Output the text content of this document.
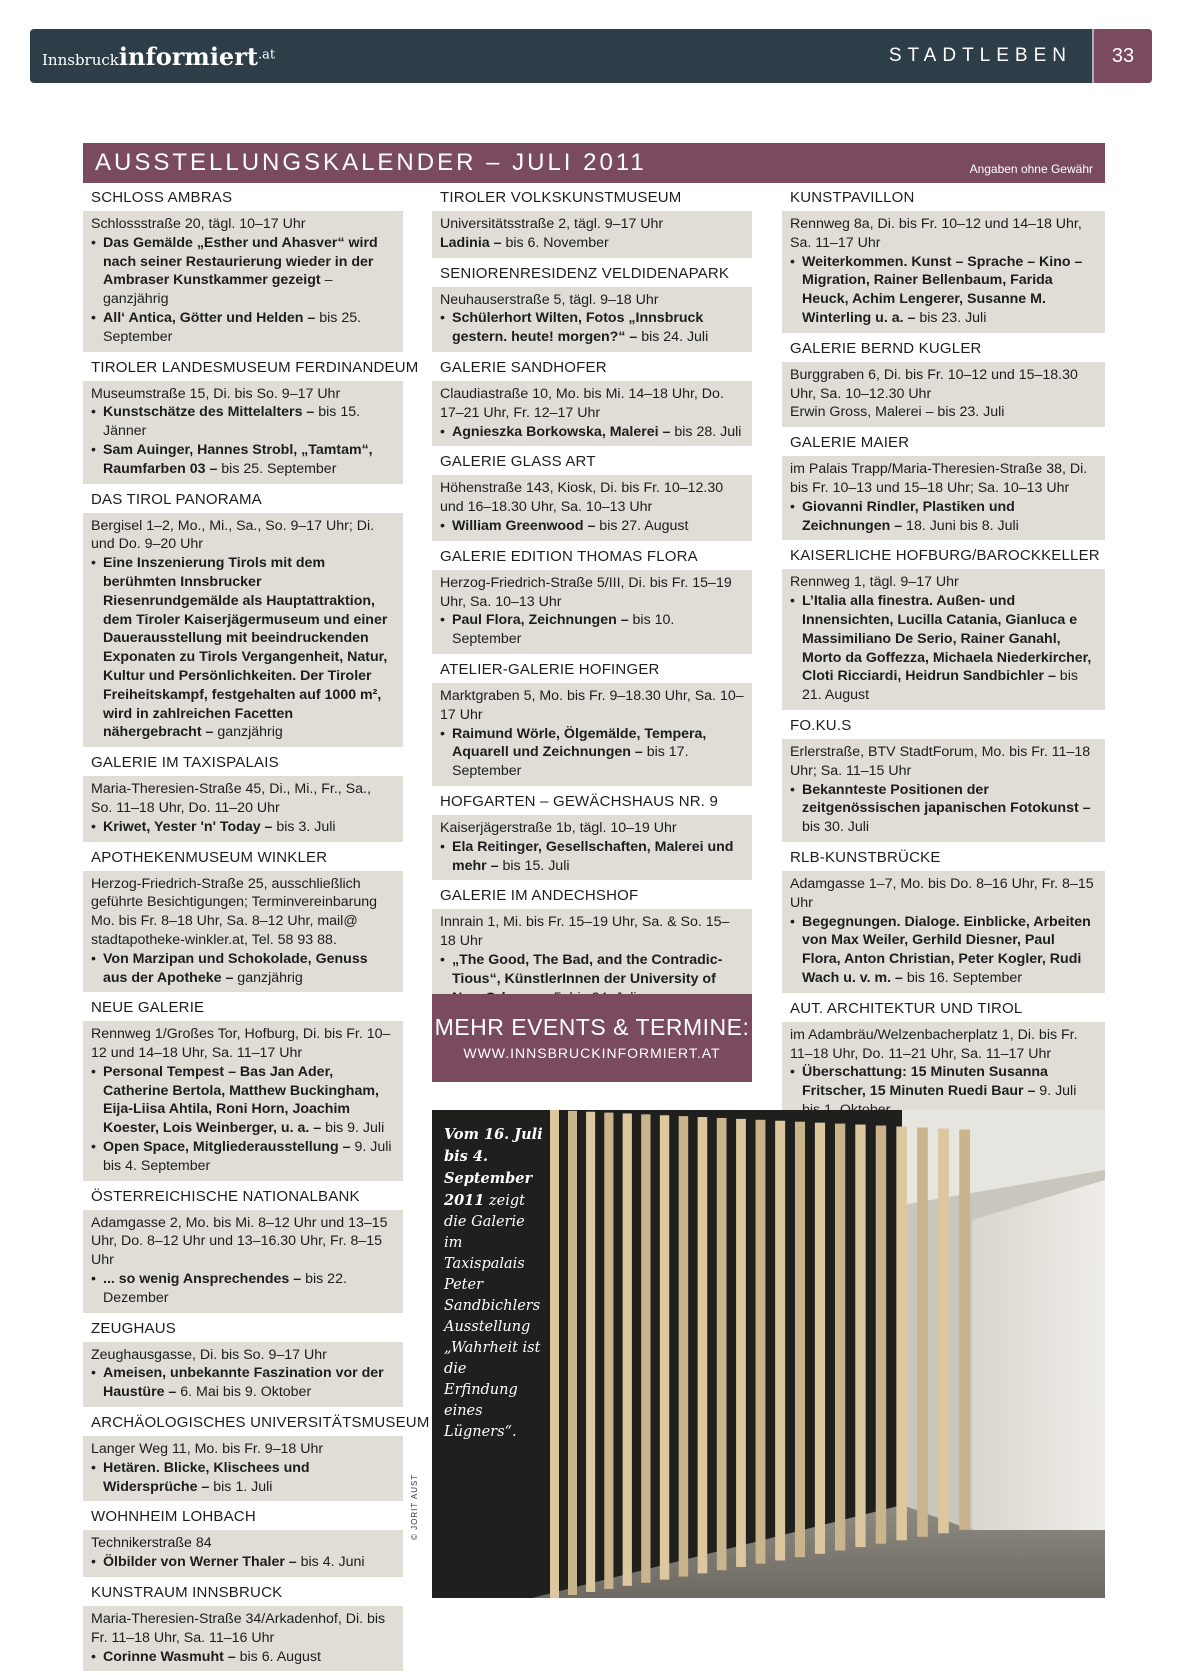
Innsbruckinformiert$^{.at}$	STADTLEBEN	33
AUSSTELLUNGSKALENDER – JULI 2011	Angaben ohne Gewähr
SCHLOSS AMBRAS
Schlossstraße 20, tägl. 10–17 Uhr
• Das Gemälde „Esther und Ahasver“ wird nach seiner Restaurierung wieder in der Ambraser Kunstkammer gezeigt – ganzjährig
• All‘ Antica, Götter und Helden – bis 25. September
TIROLER LANDESMUSEUM FERDINANDEUM
Museumstraße 15, Di. bis So. 9–17 Uhr
• Kunstschätze des Mittelalters – bis 15. Jänner
• Sam Auinger, Hannes Strobl, „Tamtam“, Raumfarben 03 – bis 25. September
DAS TIROL PANORAMA
Bergisel 1–2, Mo., Mi., Sa., So. 9–17 Uhr; Di. und Do. 9–20 Uhr
• Eine Inszenierung Tirols mit dem berühmten Innsbrucker Riesenrundgemälde als Hauptattraktion, dem Tiroler Kaiserjägermuseum und einer Dauerausstellung mit beeindruckenden Exponaten zu Tirols Vergangenheit, Natur, Kultur und Persönlichkeiten. Der Tiroler Freiheitskampf, festgehalten auf 1000 m², wird in zahlreichen Facetten nähergebracht – ganzjährig
GALERIE IM TAXISPALAIS
Maria-Theresien-Straße 45, Di., Mi., Fr., Sa., So. 11–18 Uhr, Do. 11–20 Uhr
• Kriwet, Yester 'n' Today – bis 3. Juli
APOTHEKENMUSEUM WINKLER
Herzog-Friedrich-Straße 25, ausschließlich geführte Besichtigungen; Terminvereinbarung Mo. bis Fr. 8–18 Uhr, Sa. 8–12 Uhr, mail@ stadtapotheke-winkler.at, Tel. 58 93 88.
• Von Marzipan und Schokolade, Genuss aus der Apotheke – ganzjährig
NEUE GALERIE
Rennweg 1/Großes Tor, Hofburg, Di. bis Fr. 10–12 und 14–18 Uhr, Sa. 11–17 Uhr
• Personal Tempest – Bas Jan Ader, Catherine Bertola, Matthew Buckingham, Eija-Liisa Ahtila, Roni Horn, Joachim Koester, Lois Weinberger, u. a. – bis 9. Juli
• Open Space, Mitgliederausstellung – 9. Juli bis 4. September
ÖSTERREICHISCHE NATIONALBANK
Adamgasse 2, Mo. bis Mi. 8–12 Uhr und 13–15 Uhr, Do. 8–12 Uhr und 13–16.30 Uhr, Fr. 8–15 Uhr
• ... so wenig Ansprechendes – bis 22. Dezember
ZEUGHAUS
Zeughausgasse, Di. bis So. 9–17 Uhr
• Ameisen, unbekannte Faszination vor der Haustüre – 6. Mai bis 9. Oktober
ARCHÄOLOGISCHES UNIVERSITÄTSMUSEUM
Langer Weg 11, Mo. bis Fr. 9–18 Uhr
• Hetären. Blicke, Klischees und Widersprüche – bis 1. Juli
WOHNHEIM LOHBACH
Technikerstraße 84
• Ölbilder von Werner Thaler – bis 4. Juni
KUNSTRAUM INNSBRUCK
Maria-Theresien-Straße 34/Arkadenhof, Di. bis Fr. 11–18 Uhr, Sa. 11–16 Uhr
• Corinne Wasmuht – bis 6. August
TIROLER VOLKSKUNSTMUSEUM
Universitätsstraße 2, tägl. 9–17 Uhr
Ladinia – bis 6. November
SENIORENRESIDENZ VELDIDENAPARK
Neuhauserstraße 5, tägl. 9–18 Uhr
• Schülerhort Wilten, Fotos „Innsbruck gestern. heute! morgen?“ – bis 24. Juli
GALERIE SANDHOFER
Claudiastraße 10, Mo. bis Mi. 14–18 Uhr, Do. 17–21 Uhr, Fr. 12–17 Uhr
• Agnieszka Borkowska, Malerei – bis 28. Juli
GALERIE GLASS ART
Höhenstraße 143, Kiosk, Di. bis Fr. 10–12.30 und 16–18.30 Uhr, Sa. 10–13 Uhr
• William Greenwood – bis 27. August
GALERIE EDITION THOMAS FLORA
Herzog-Friedrich-Straße 5/III, Di. bis Fr. 15–19 Uhr, Sa. 10–13 Uhr
• Paul Flora, Zeichnungen – bis 10. September
ATELIER-GALERIE HOFINGER
Marktgraben 5, Mo. bis Fr. 9–18.30 Uhr, Sa. 10–17 Uhr
• Raimund Wörle, Ölgemälde, Tempera, Aquarell und Zeichnungen – bis 17. September
HOFGARTEN – GEWÄCHSHAUS NR. 9
Kaiserjägerstraße 1b, tägl. 10–19 Uhr
• Ela Reitinger, Gesellschaften, Malerei und mehr – bis 15. Juli
GALERIE IM ANDECHSHOF
Innrain 1, Mi. bis Fr. 15–19 Uhr, Sa. & So. 15–18 Uhr
• „The Good, The Bad, and the Contradic-Tious“, KünstlerInnen der University of
KUNSTPAVILLON
Rennweg 8a, Di. bis Fr. 10–12 und 14–18 Uhr, Sa. 11–17 Uhr
• Weiterkommen. Kunst – Sprache – Kino – Migration, Rainer Bellenbaum, Farida Heuck, Achim Lengerer, Susanne M. Winterling u. a. – bis 23. Juli
GALERIE BERND KUGLER
Burggraben 6, Di. bis Fr. 10–12 und 15–18.30 Uhr, Sa. 10–12.30 Uhr
Erwin Gross, Malerei – bis 23. Juli
GALERIE MAIER
im Palais Trapp/Maria-Theresien-Straße 38, Di. bis Fr. 10–13 und 15–18 Uhr; Sa. 10–13 Uhr
• Giovanni Rindler, Plastiken und Zeichnungen – 18. Juni bis 8. Juli
KAISERLICHE HOFBURG/BAROCKKELLER
Rennweg 1, tägl. 9–17 Uhr
• L’Italia alla finestra. Außen- und Innensichten, Lucilla Catania, Gianluca e Massimiliano De Serio, Rainer Ganahl, Morto da Goffezza, Michaela Niederkircher, Cloti Ricciardi, Heidrun Sandbichler – bis 21. August
FO.KU.S
Erlerstraße, BTV StadtForum, Mo. bis Fr. 11–18 Uhr; Sa. 11–15 Uhr
• Bekannteste Positionen der zeitgenössischen japanischen Fotokunst – bis 30. Juli
RLB-KUNSTBRÜCKE
Adamgasse 1–7, Mo. bis Do. 8–16 Uhr, Fr. 8–15 Uhr
• Begegnungen. Dialoge. Einblicke, Arbeiten von Max Weiler, Gerhild Diesner, Paul Flora, Anton Christian, Peter Kogler, Rudi Wach u. v. m. – bis 16. September
AUT. ARCHITEKTUR UND TIROL
im Adambräu/Welzenbacherplatz 1, Di. bis Fr. 11–18 Uhr, Do. 11–21 Uhr, Sa. 11–17 Uhr
• Überschattung: 15 Minuten Susanna Fritscher, 15 Minuten Ruedi Baur – 9. Juli
MEHR EVENTS & TERMINE:
WWW.INNSBRUCKINFORMIERT.AT
Vom 16. Juli bis 4. September 2011 zeigt die Galerie im Taxispalais Peter Sandbichlers Ausstellung „Wahrheit ist die Erfindung eines Lügners“.
© JORIT AUST
